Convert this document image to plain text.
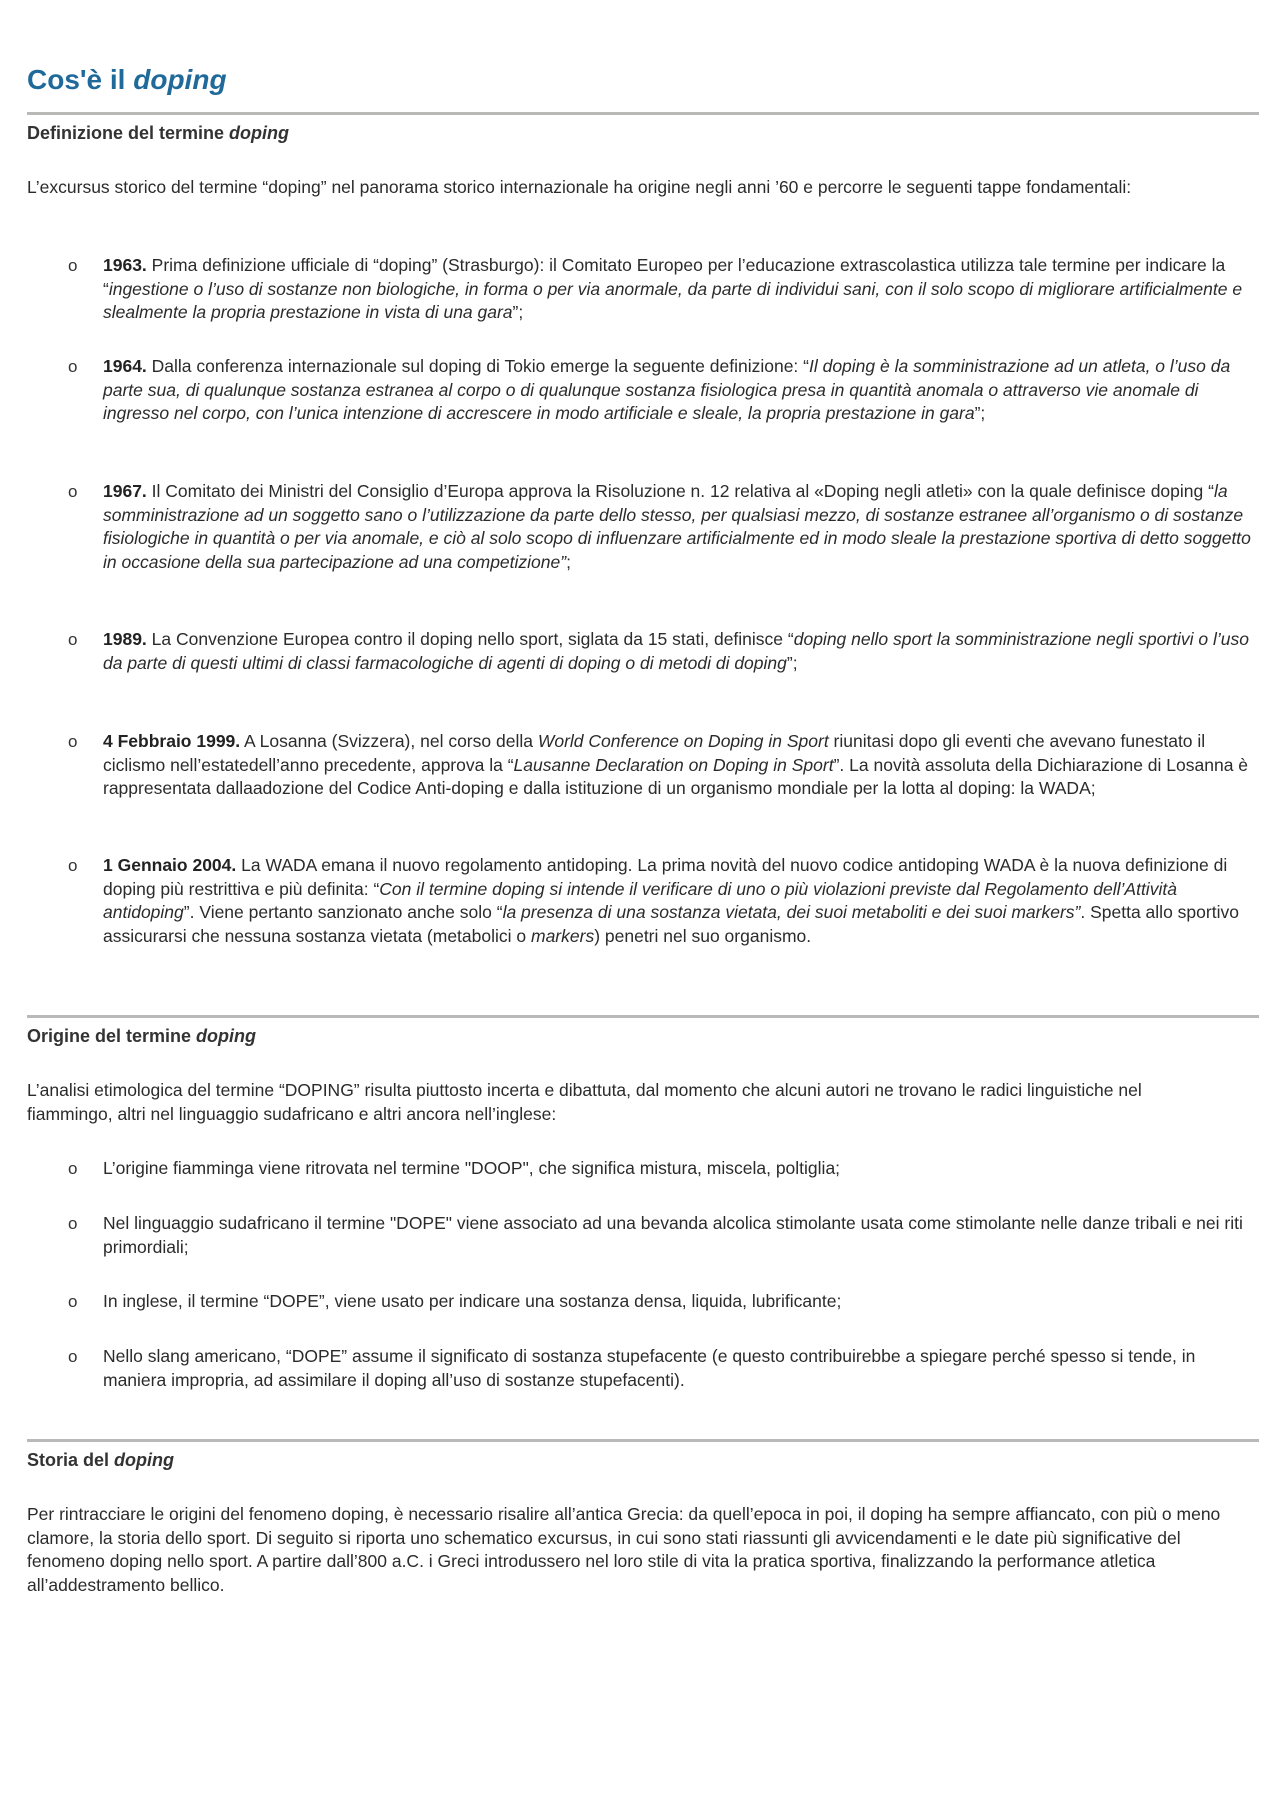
Cos'è il doping
Definizione del termine doping

L’excursus storico del termine “doping” nel panorama storico internazionale ha origine negli anni ’60 e percorre le seguenti tappe fondamentali:

o 1963. Prima definizione ufficiale di “doping” (Strasburgo): il Comitato Europeo per l’educazione extrascolastica utilizza tale termine per indicare la “ingestione o l’uso di sostanze non biologiche, in forma o per via anormale, da parte di individui sani, con il solo scopo di migliorare artificialmente e slealmente la propria prestazione in vista di una gara”;

o 1964. Dalla conferenza internazionale sul doping di Tokio emerge la seguente definizione: “Il doping è la somministrazione ad un atleta, o l’uso da parte sua, di qualunque sostanza estranea al corpo o di qualunque sostanza fisiologica presa in quantità anomala o attraverso vie anomale di ingresso nel corpo, con l’unica intenzione di accrescere in modo artificiale e sleale, la propria prestazione in gara”;

o 1967. Il Comitato dei Ministri del Consiglio d’Europa approva la Risoluzione n. 12 relativa al «Doping negli atleti» con la quale definisce doping “la somministrazione ad un soggetto sano o l’utilizzazione da parte dello stesso, per qualsiasi mezzo, di sostanze estranee all’organismo o di sostanze fisiologiche in quantità o per via anomale, e ciò al solo scopo di influenzare artificialmente ed in modo sleale la prestazione sportiva di detto soggetto in occasione della sua partecipazione ad una competizione”;

o 1989. La Convenzione Europea contro il doping nello sport, siglata da 15 stati, definisce “doping nello sport la somministrazione negli sportivi o l’uso da parte di questi ultimi di classi farmacologiche di agenti di doping o di metodi di doping”;

o 4 Febbraio 1999. A Losanna (Svizzera), nel corso della World Conference on Doping in Sport riunitasi dopo gli eventi che avevano funestato il ciclismo nell’estatedell’anno precedente, approva la “Lausanne Declaration on Doping in Sport”. La novità assoluta della Dichiarazione di Losanna è rappresentata dallaadozione del Codice Anti-doping e dalla istituzione di un organismo mondiale per la lotta al doping: la WADA;

o 1 Gennaio 2004. La WADA emana il nuovo regolamento antidoping. La prima novità del nuovo codice antidoping WADA è la nuova definizione di doping più restrittiva e più definita: “Con il termine doping si intende il verificare di uno o più violazioni previste dal Regolamento dell’Attività antidoping”. Viene pertanto sanzionato anche solo “la presenza di una sostanza vietata, dei suoi metaboliti e dei suoi markers”. Spetta allo sportivo assicurarsi che nessuna sostanza vietata (metabolici o markers) penetri nel suo organismo.

Origine del termine doping

L’analisi etimologica del termine “DOPING” risulta piuttosto incerta e dibattuta, dal momento che alcuni autori ne trovano le radici linguistiche nel fiammingo, altri nel linguaggio sudafricano e altri ancora nell’inglese:

o L’origine fiamminga viene ritrovata nel termine "DOOP", che significa mistura, miscela, poltiglia;

o Nel linguaggio sudafricano il termine "DOPE" viene associato ad una bevanda alcolica stimolante usata come stimolante nelle danze tribali e nei riti primordiali;

o In inglese, il termine “DOPE”, viene usato per indicare una sostanza densa, liquida, lubrificante;

o Nello slang americano, “DOPE” assume il significato di sostanza stupefacente (e questo contribuirebbe a spiegare perché spesso si tende, in maniera impropria, ad assimilare il doping all’uso di sostanze stupefacenti).

Storia del doping

Per rintracciare le origini del fenomeno doping, è necessario risalire all’antica Grecia: da quell’epoca in poi, il doping ha sempre affiancato, con più o meno clamore, la storia dello sport. Di seguito si riporta uno schematico excursus, in cui sono stati riassunti gli avvicendamenti e le date più significative del fenomeno doping nello sport. A partire dall’800 a.C. i Greci introdussero nel loro stile di vita la pratica sportiva, finalizzando la performance atletica all’addestramento bellico.
